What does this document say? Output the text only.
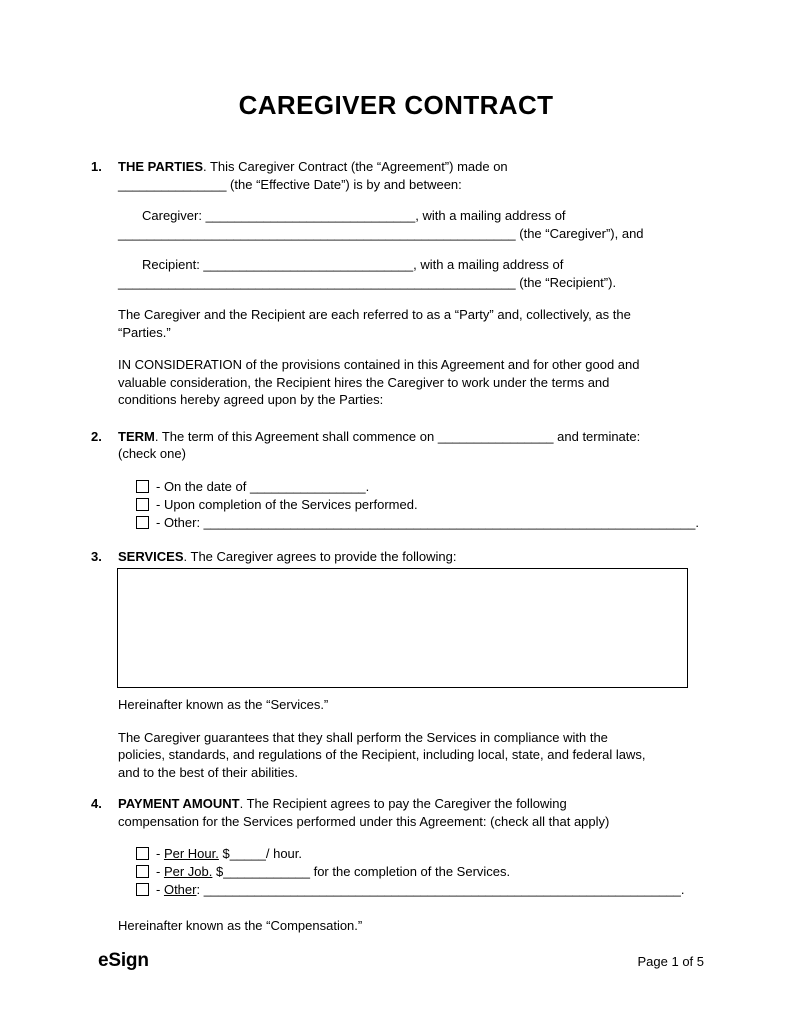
CAREGIVER CONTRACT
1.	THE PARTIES. This Caregiver Contract (the “Agreement”) made on
_______________ (the “Effective Date”) is by and between:
Caregiver: _____________________________, with a mailing address of
_______________________________________________________ (the “Caregiver”), and
Recipient: _____________________________, with a mailing address of
_______________________________________________________ (the “Recipient”).
The Caregiver and the Recipient are each referred to as a “Party” and, collectively, as the
“Parties.”
IN CONSIDERATION of the provisions contained in this Agreement and for other good and
valuable consideration, the Recipient hires the Caregiver to work under the terms and
conditions hereby agreed upon by the Parties:
2.	TERM. The term of this Agreement shall commence on ________________ and terminate:
(check one)
- On the date of ________________.
- Upon completion of the Services performed.
- Other: ____________________________________________________________________.
3.	SERVICES. The Caregiver agrees to provide the following:
Hereinafter known as the “Services.”
The Caregiver guarantees that they shall perform the Services in compliance with the
policies, standards, and regulations of the Recipient, including local, state, and federal laws,
and to the best of their abilities.
4.	PAYMENT AMOUNT. The Recipient agrees to pay the Caregiver the following
compensation for the Services performed under this Agreement: (check all that apply)
- Per Hour. $_____/ hour.
- Per Job. $____________ for the completion of the Services.
- Other: __________________________________________________________________.
Hereinafter known as the “Compensation.”
eSign	Page 1 of 5
